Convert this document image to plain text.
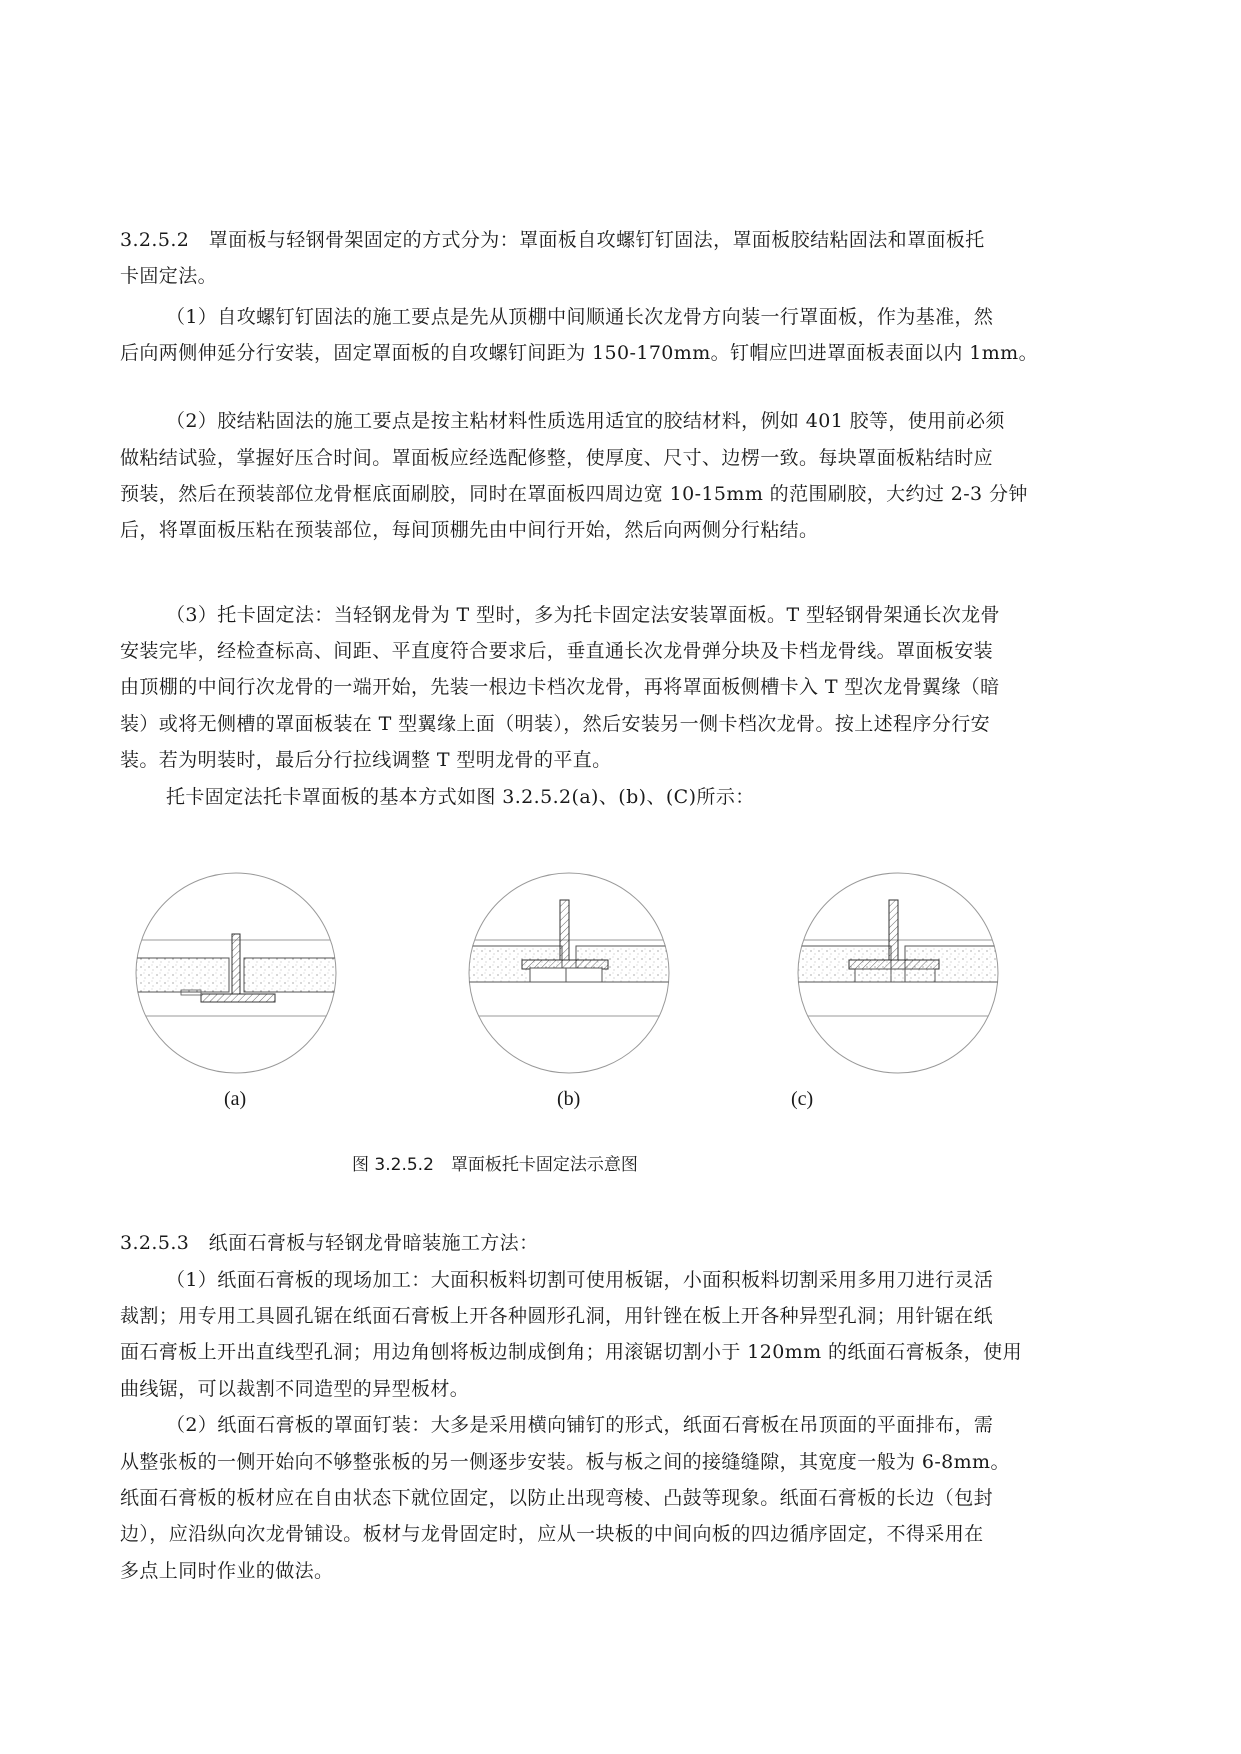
3.2.5.2　罩面板与轻钢骨架固定的方式分为：罩面板自攻螺钉钉固法，罩面板胶结粘固法和罩面板托
卡固定法。
（1）自攻螺钉钉固法的施工要点是先从顶棚中间顺通长次龙骨方向装一行罩面板，作为基准，然
后向两侧伸延分行安装，固定罩面板的自攻螺钉间距为 150-170mm。钉帽应凹进罩面板表面以内 1mm。
（2）胶结粘固法的施工要点是按主粘材料性质选用适宜的胶结材料，例如 401 胶等，使用前必须
做粘结试验，掌握好压合时间。罩面板应经选配修整，使厚度、尺寸、边楞一致。每块罩面板粘结时应
预装，然后在预装部位龙骨框底面刷胶，同时在罩面板四周边宽 10-15mm 的范围刷胶，大约过 2-3 分钟
后，将罩面板压粘在预装部位，每间顶棚先由中间行开始，然后向两侧分行粘结。
（3）托卡固定法：当轻钢龙骨为 T 型时，多为托卡固定法安装罩面板。T 型轻钢骨架通长次龙骨
安装完毕，经检查标高、间距、平直度符合要求后，垂直通长次龙骨弹分块及卡档龙骨线。罩面板安装
由顶棚的中间行次龙骨的一端开始，先装一根边卡档次龙骨，再将罩面板侧槽卡入 T 型次龙骨翼缘（暗
装）或将无侧槽的罩面板装在 T 型翼缘上面（明装），然后安装另一侧卡档次龙骨。按上述程序分行安
装。若为明装时，最后分行拉线调整 T 型明龙骨的平直。
托卡固定法托卡罩面板的基本方式如图 3.2.5.2(a)、(b)、(C)所示：
(a)	(b)	(c)
图 3.2.5.2　罩面板托卡固定法示意图
3.2.5.3　纸面石膏板与轻钢龙骨暗装施工方法：
（1）纸面石膏板的现场加工：大面积板料切割可使用板锯，小面积板料切割采用多用刀进行灵活
裁割；用专用工具圆孔锯在纸面石膏板上开各种圆形孔洞，用针锉在板上开各种异型孔洞；用针锯在纸
面石膏板上开出直线型孔洞；用边角刨将板边制成倒角；用滚锯切割小于 120mm 的纸面石膏板条，使用
曲线锯，可以裁割不同造型的异型板材。
（2）纸面石膏板的罩面钉装：大多是采用横向铺钉的形式，纸面石膏板在吊顶面的平面排布，需
从整张板的一侧开始向不够整张板的另一侧逐步安装。板与板之间的接缝缝隙，其宽度一般为 6-8mm。
纸面石膏板的板材应在自由状态下就位固定，以防止出现弯棱、凸鼓等现象。纸面石膏板的长边（包封
边），应沿纵向次龙骨铺设。板材与龙骨固定时，应从一块板的中间向板的四边循序固定，不得采用在
多点上同时作业的做法。
